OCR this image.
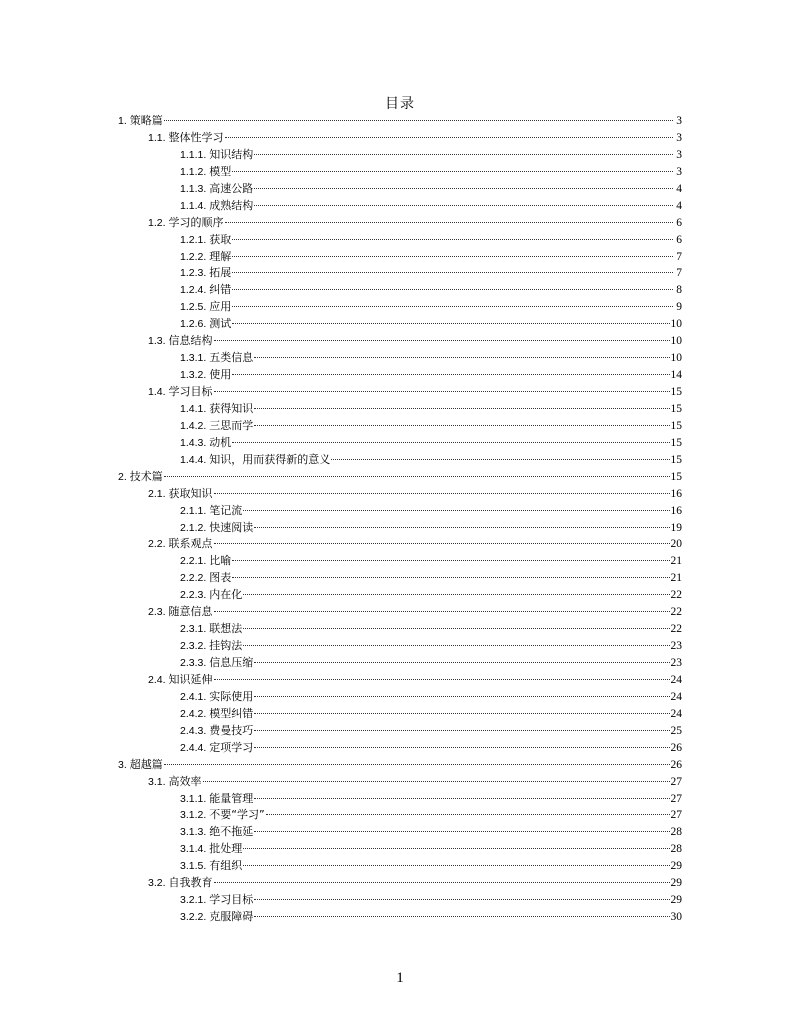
目录
1. 策略篇	3
1.1. 整体性学习	3
1.1.1. 知识结构	3
1.1.2. 模型	3
1.1.3. 高速公路	4
1.1.4. 成熟结构	4
1.2. 学习的顺序	6
1.2.1. 获取	6
1.2.2. 理解	7
1.2.3. 拓展	7
1.2.4. 纠错	8
1.2.5. 应用	9
1.2.6. 测试	10
1.3. 信息结构	10
1.3.1. 五类信息	10
1.3.2. 使用	14
1.4. 学习目标	15
1.4.1. 获得知识	15
1.4.2. 三思而学	15
1.4.3. 动机	15
1.4.4. 知识，用而获得新的意义	15
2. 技术篇	15
2.1. 获取知识	16
2.1.1. 笔记流	16
2.1.2. 快速阅读	19
2.2. 联系观点	20
2.2.1. 比喻	21
2.2.2. 图表	21
2.2.3. 内在化	22
2.3. 随意信息	22
2.3.1. 联想法	22
2.3.2. 挂钩法	23
2.3.3. 信息压缩	23
2.4. 知识延伸	24
2.4.1. 实际使用	24
2.4.2. 模型纠错	24
2.4.3. 费曼技巧	25
2.4.4. 定项学习	26
3. 超越篇	26
3.1. 高效率	27
3.1.1. 能量管理	27
3.1.2. 不要“学习”	27
3.1.3. 绝不拖延	28
3.1.4. 批处理	28
3.1.5. 有组织	29
3.2. 自我教育	29
3.2.1. 学习目标	29
3.2.2. 克服障碍	30
1
